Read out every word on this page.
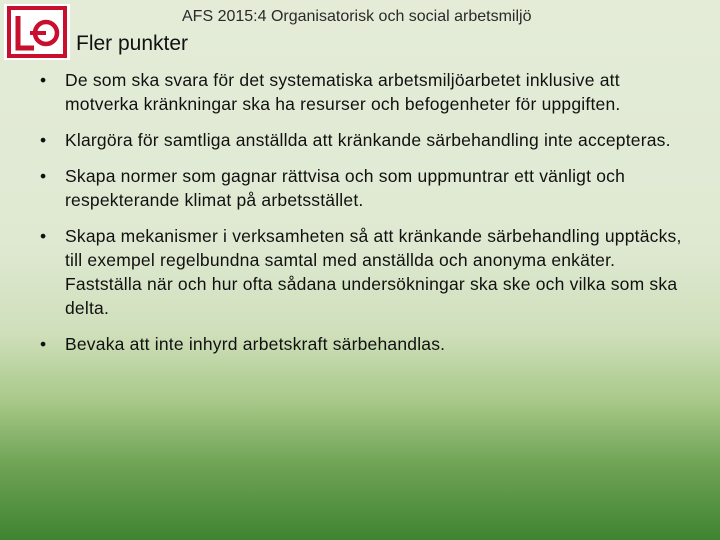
AFS 2015:4 Organisatorisk och social arbetsmiljö
Fler punkter
•	De som ska svara för det systematiska arbetsmiljöarbetet inklusive att motverka kränkningar ska ha resurser och befogenheter för uppgiften.
•	Klargöra för samtliga anställda att kränkande särbehandling inte accepteras.
•	Skapa normer som gagnar rättvisa och som uppmuntrar ett vänligt och respekterande klimat på arbetsstället.
•	Skapa mekanismer i verksamheten så att kränkande särbehandling upptäcks, till exempel regelbundna samtal med anställda och anonyma enkäter. Fastställa när och hur ofta sådana undersökningar ska ske och vilka som ska delta.
•	Bevaka att inte inhyrd arbetskraft särbehandlas.
